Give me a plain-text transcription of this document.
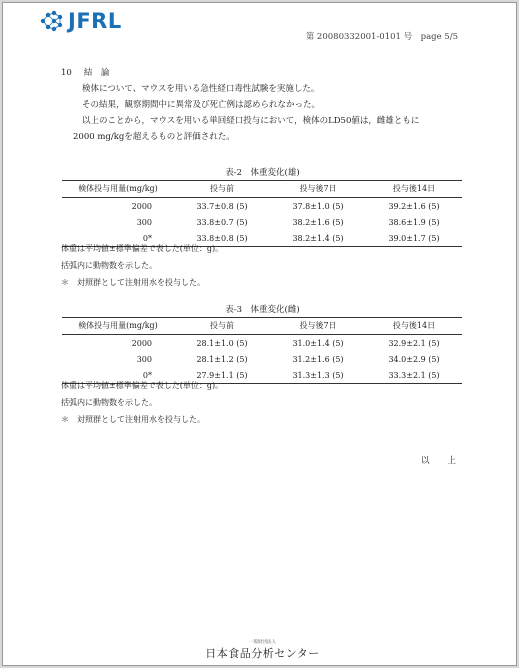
JFRL
第 20080332001-0101 号　page 5/5
10 結　論
検体について、マウスを用いる急性経口毒性試験を実施した。
その結果，観察期間中に異常及び死亡例は認められなかった。
以上のことから，マウスを用いる単回経口投与において，検体のLD50値は，雌雄ともに
2000 mg/kgを超えるものと評価された。
表-2　体重変化(雄)
検体投与用量(mg/kg)	投与前	投与後7日	投与後14日
2000	33.7±0.8 (5)	37.8±1.0 (5)	39.2±1.6 (5)
300	33.8±0.7 (5)	38.2±1.6 (5)	38.6±1.9 (5)
0*	33.8±0.8 (5)	38.2±1.4 (5)	39.0±1.7 (5)
体重は平均値±標準偏差で表した(単位：g)。
括弧内に動物数を示した。
＊　対照群として注射用水を投与した。
表-3　体重変化(雌)
検体投与用量(mg/kg)	投与前	投与後7日	投与後14日
2000	28.1±1.0 (5)	31.0±1.4 (5)	32.9±2.1 (5)
300	28.1±1.2 (5)	31.2±1.6 (5)	34.0±2.9 (5)
0*	27.9±1.1 (5)	31.3±1.3 (5)	33.3±2.1 (5)
体重は平均値±標準偏差で表した(単位：g)。
括弧内に動物数を示した。
＊　対照群として注射用水を投与した。
以 上
一般財団法人
日本食品分析センター
